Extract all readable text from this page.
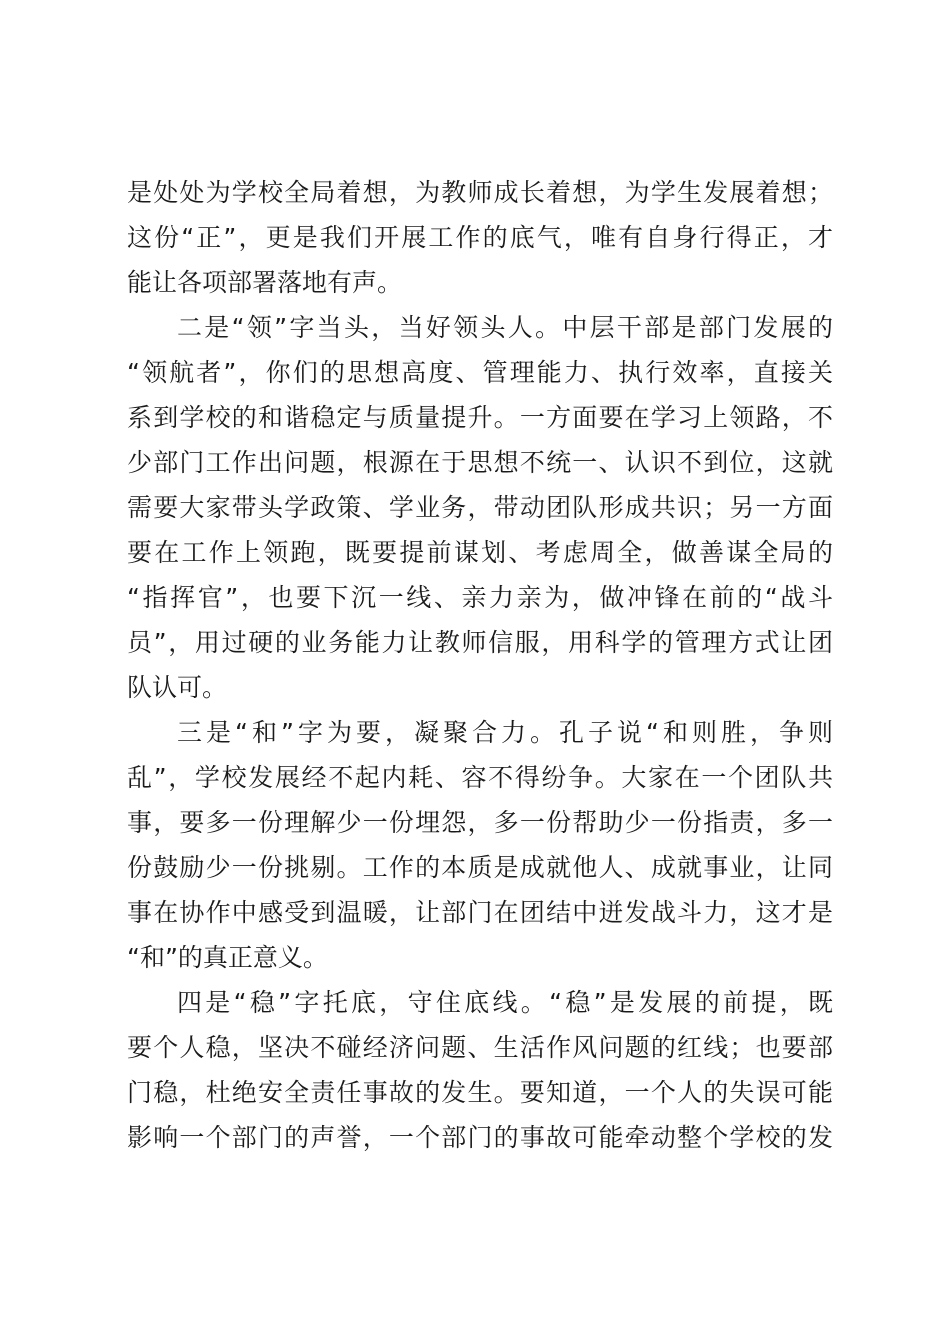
是处处为学校全局着想，为教师成长着想，为学生发展着想；
这份“正”，更是我们开展工作的底气，唯有自身行得正，才
能让各项部署落地有声。
二是“领”字当头，当好领头人。中层干部是部门发展的
“领航者”，你们的思想高度、管理能力、执行效率，直接关
系到学校的和谐稳定与质量提升。一方面要在学习上领路，不
少部门工作出问题，根源在于思想不统一、认识不到位，这就
需要大家带头学政策、学业务，带动团队形成共识；另一方面
要在工作上领跑，既要提前谋划、考虑周全，做善谋全局的
“指挥官”，也要下沉一线、亲力亲为，做冲锋在前的“战斗
员”，用过硬的业务能力让教师信服，用科学的管理方式让团
队认可。
三是“和”字为要，凝聚合力。孔子说“和则胜，争则
乱”，学校发展经不起内耗、容不得纷争。大家在一个团队共
事，要多一份理解少一份埋怨，多一份帮助少一份指责，多一
份鼓励少一份挑剔。工作的本质是成就他人、成就事业，让同
事在协作中感受到温暖，让部门在团结中迸发战斗力，这才是
“和”的真正意义。
四是“稳”字托底，守住底线。“稳”是发展的前提，既
要个人稳，坚决不碰经济问题、生活作风问题的红线；也要部
门稳，杜绝安全责任事故的发生。要知道，一个人的失误可能
影响一个部门的声誉，一个部门的事故可能牵动整个学校的发
